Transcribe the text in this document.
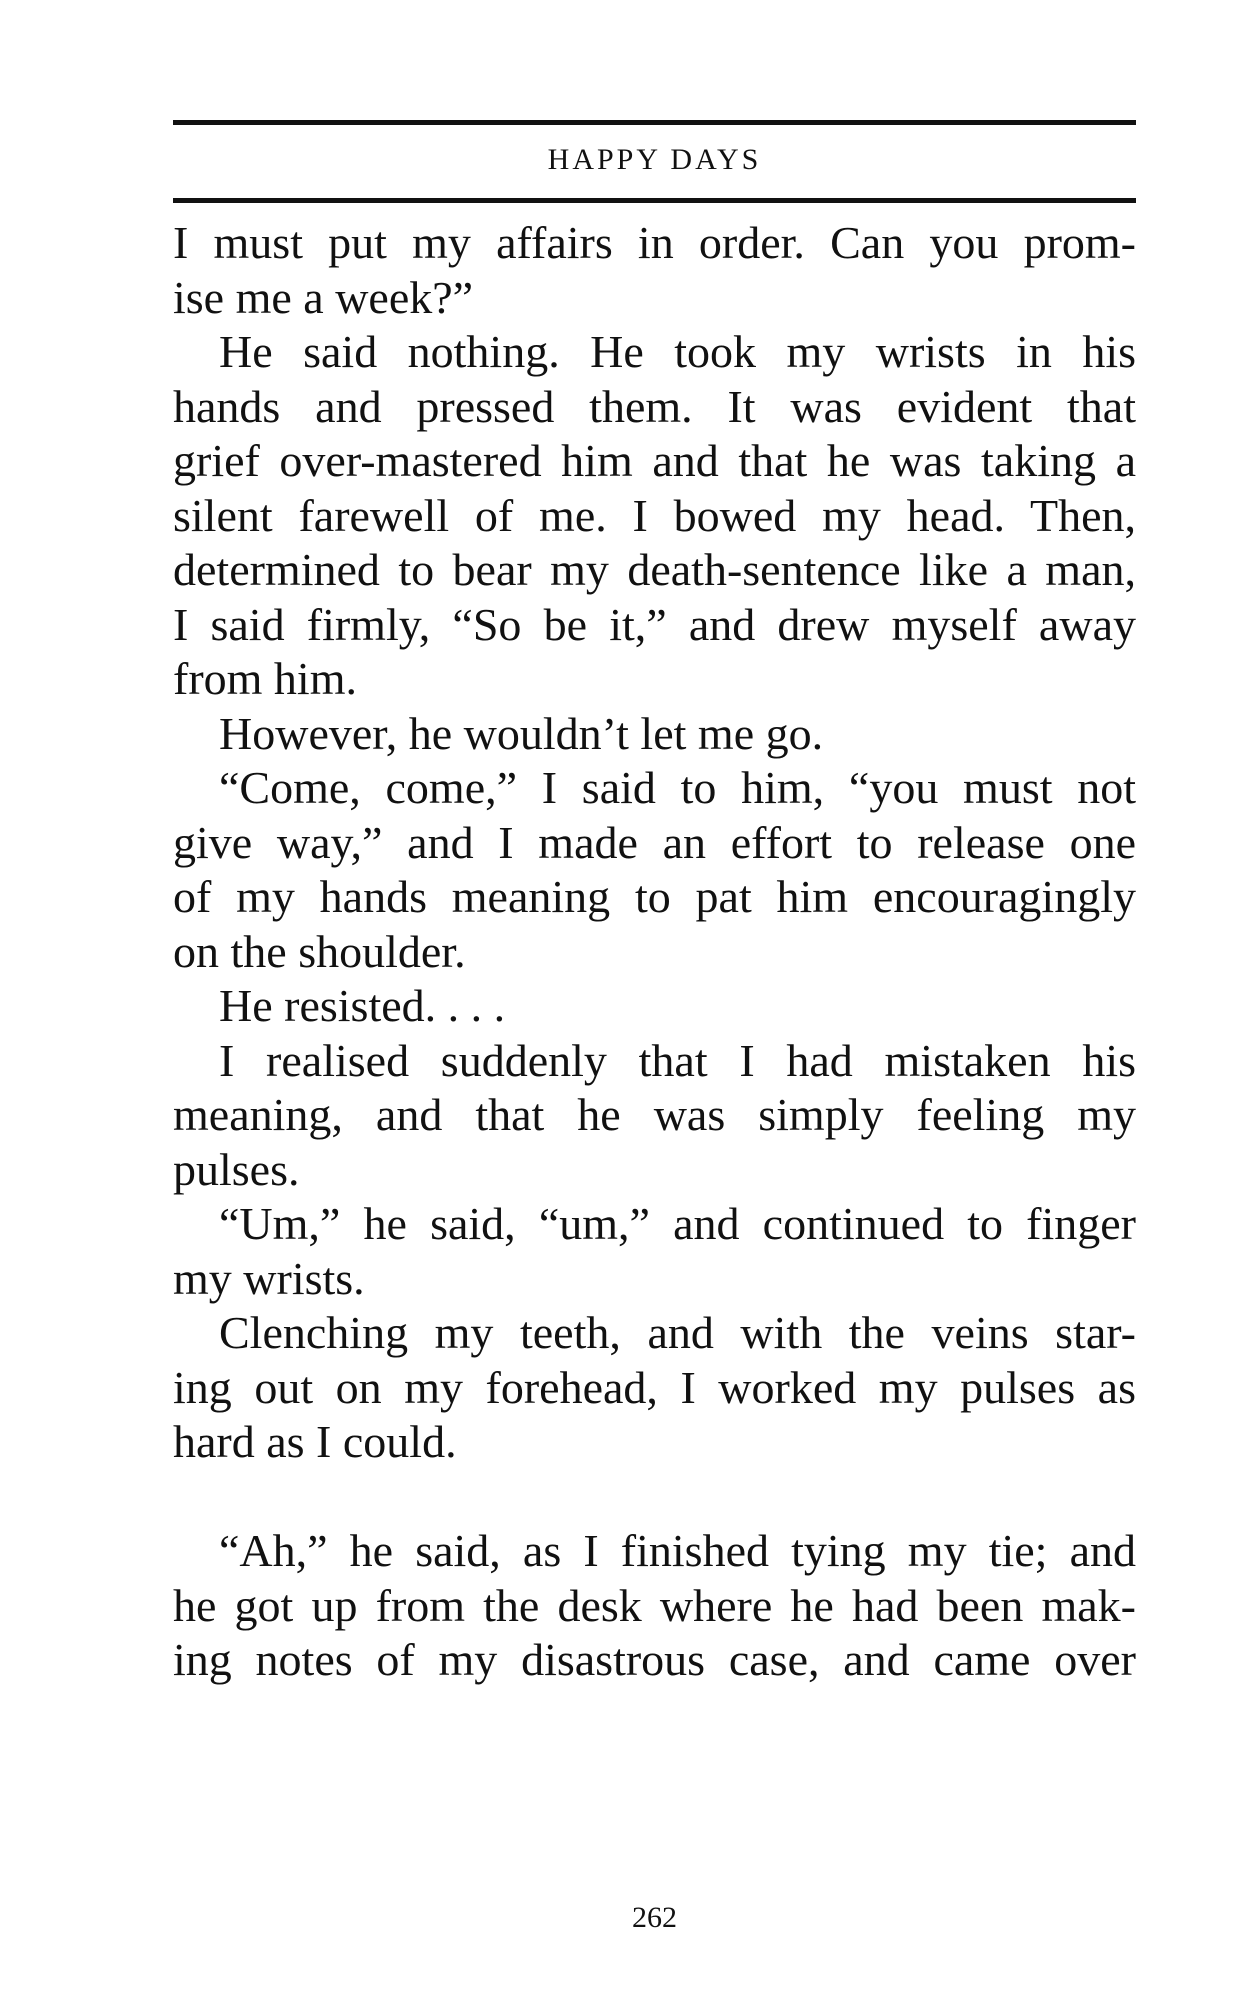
HAPPY DAYS
I must put my affairs in order. Can you prom-
ise me a week?”
He said nothing. He took my wrists in his
hands and pressed them. It was evident that
grief over-mastered him and that he was taking a
silent farewell of me. I bowed my head. Then,
determined to bear my death-sentence like a man,
I said firmly, “So be it,” and drew myself away
from him.
However, he wouldn’t let me go.
“Come, come,” I said to him, “you must not
give way,” and I made an effort to release one
of my hands meaning to pat him encouragingly
on the shoulder.
He resisted. . . .
I realised suddenly that I had mistaken his
meaning, and that he was simply feeling my
pulses.
“Um,” he said, “um,” and continued to finger
my wrists.
Clenching my teeth, and with the veins star-
ing out on my forehead, I worked my pulses as
hard as I could.
“Ah,” he said, as I finished tying my tie; and
he got up from the desk where he had been mak-
ing notes of my disastrous case, and came over
262
